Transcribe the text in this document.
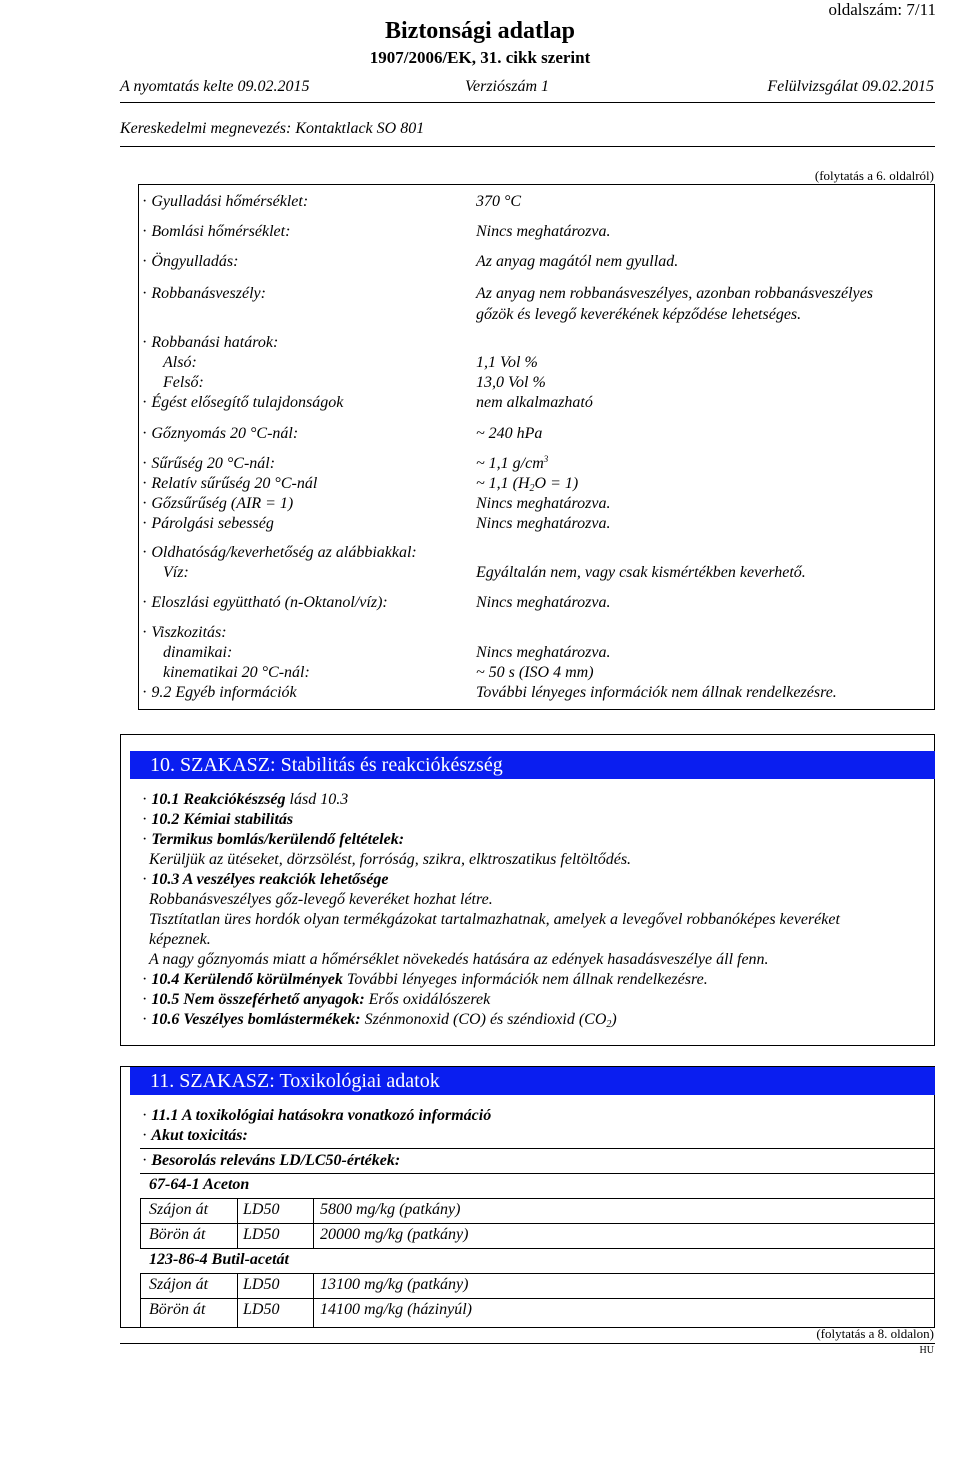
oldalszám: 7/11
Biztonsági adatlap
1907/2006/EK, 31. cikk szerint
A nyomtatás kelte 09.02.2015	Verziószám 1	Felülvizsgálat 09.02.2015
Kereskedelmi megnevezés: Kontaktlack SO 801
(folytatás a 6. oldalról)
· Gyulladási hőmérséklet:	370 °C
· Bomlási hőmérséklet:	Nincs meghatározva.
· Öngyulladás:	Az anyag magától nem gyullad.
· Robbanásveszély:	Az anyag nem robbanásveszélyes, azonban robbanásveszélyes
gőzök és levegő keverékének képződése lehetséges.
· Robbanási határok:
Alsó:	1,1 Vol %
Felső:	13,0 Vol %
· Égést elősegítő tulajdonságok	nem alkalmazható
· Gőznyomás 20 °C-nál:	~ 240 hPa
· Sűrűség 20 °C-nál:	~ 1,1 $g/cm^3$
· Relatív sűrűség 20 °C-nál	~ 1,1 $(H_2O = 1)$
· Gőzsűrűség (AIR = 1)	Nincs meghatározva.
· Párolgási sebesség	Nincs meghatározva.
· Oldhatóság/keverhetőség az alábbiakkal:
Víz:	Egyáltalán nem, vagy csak kismértékben keverhető.
· Eloszlási együttható (n-Oktanol/víz):	Nincs meghatározva.
· Viszkozitás:
dinamikai:	Nincs meghatározva.
kinematikai 20 °C-nál:	~ 50 s (ISO 4 mm)
· 9.2 Egyéb információk	További lényeges információk nem állnak rendelkezésre.
10. SZAKASZ: Stabilitás és reakciókészség
· 10.1 Reakciókészség lásd 10.3
· 10.2 Kémiai stabilitás
· Termikus bomlás/kerülendő feltételek:
Kerüljük az ütéseket, dörzsölést, forróság, szikra, elktroszatikus feltöltődés.
· 10.3 A veszélyes reakciók lehetősége
Robbanásveszélyes gőz-levegő keveréket hozhat létre.
Tisztítatlan üres hordók olyan termékgázokat tartalmazhatnak, amelyek a levegővel robbanóképes keveréket
képeznek.
A nagy gőznyomás miatt a hőmérséklet növekedés hatására az edények hasadásveszélye áll fenn.
· 10.4 Kerülendő körülmények További lényeges információk nem állnak rendelkezésre.
· 10.5 Nem összeférhető anyagok: Erős oxidálószerek
· 10.6 Veszélyes bomlástermékek: Szénmonoxid (CO) és széndioxid $(CO_2)$
11. SZAKASZ: Toxikológiai adatok
· 11.1 A toxikológiai hatásokra vonatkozó információ
· Akut toxicitás:
· Besorolás releváns LD/LC50-értékek:
67-64-1 Aceton
Szájon át LD50	5800 mg/kg (patkány)
Börön át LD50	20000 mg/kg (patkány)
123-86-4 Butil-acetát
Szájon át LD50	13100 mg/kg (patkány)
Börön át LD50	14100 mg/kg (házinyúl)
(folytatás a 8. oldalon)
HU
